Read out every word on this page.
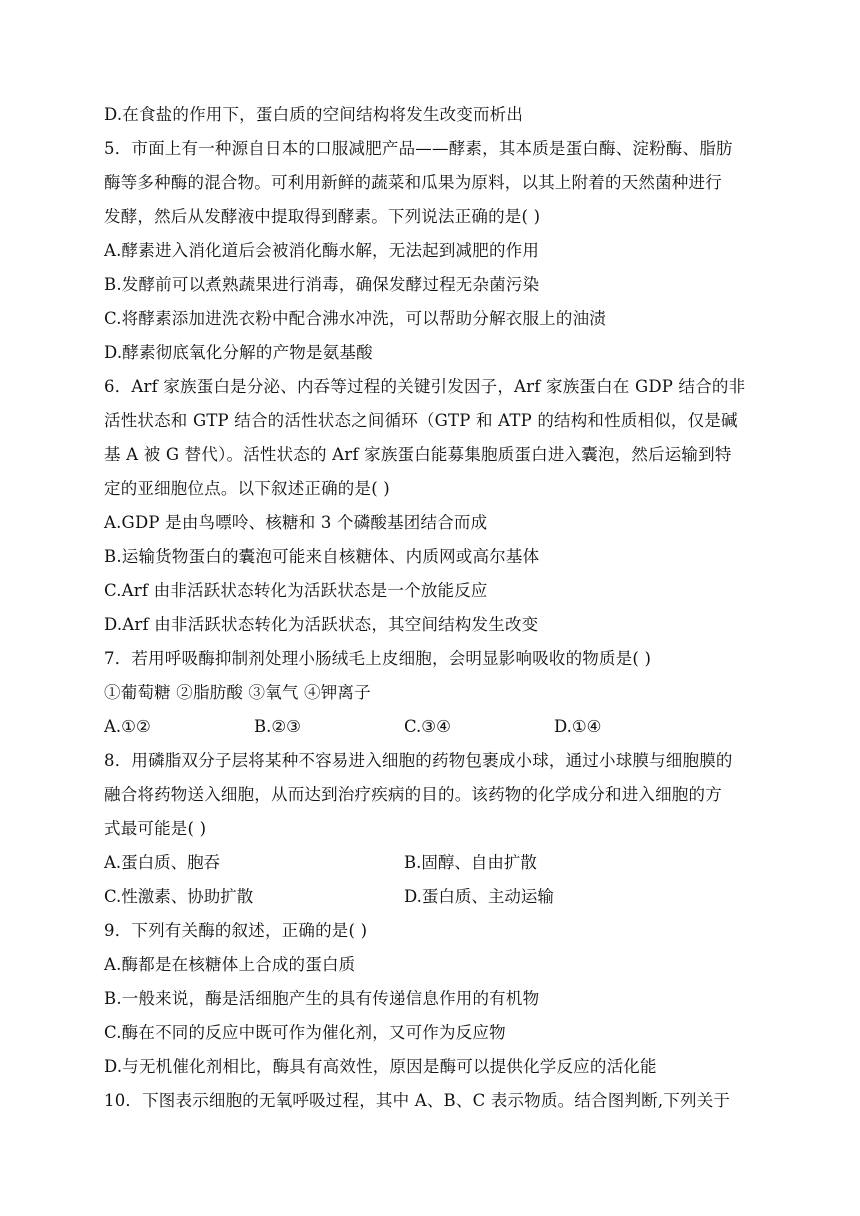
D.在食盐的作用下，蛋白质的空间结构将发生改变而析出
5．市面上有一种源自日本的口服减肥产品——酵素，其本质是蛋白酶、淀粉酶、脂肪
酶等多种酶的混合物。可利用新鲜的蔬菜和瓜果为原料，以其上附着的天然菌种进行
发酵，然后从发酵液中提取得到酵素。下列说法正确的是( )
A.酵素进入消化道后会被消化酶水解，无法起到减肥的作用
B.发酵前可以煮熟蔬果进行消毒，确保发酵过程无杂菌污染
C.将酵素添加进洗衣粉中配合沸水冲洗，可以帮助分解衣服上的油渍
D.酵素彻底氧化分解的产物是氨基酸
6．Arf 家族蛋白是分泌、内吞等过程的关键引发因子，Arf 家族蛋白在 GDP 结合的非
活性状态和 GTP 结合的活性状态之间循环（GTP 和 ATP 的结构和性质相似，仅是碱
基 A 被 G 替代）。活性状态的 Arf 家族蛋白能募集胞质蛋白进入囊泡，然后运输到特
定的亚细胞位点。以下叙述正确的是( )
A.GDP 是由鸟嘌呤、核糖和 3 个磷酸基团结合而成
B.运输货物蛋白的囊泡可能来自核糖体、内质网或高尔基体
C.Arf 由非活跃状态转化为活跃状态是一个放能反应
D.Arf 由非活跃状态转化为活跃状态，其空间结构发生改变
7．若用呼吸酶抑制剂处理小肠绒毛上皮细胞，会明显影响吸收的物质是( )
①葡萄糖 ②脂肪酸 ③氧气 ④钾离子
A.①②	B.②③	C.③④	D.①④
8．用磷脂双分子层将某种不容易进入细胞的药物包裹成小球，通过小球膜与细胞膜的
融合将药物送入细胞，从而达到治疗疾病的目的。该药物的化学成分和进入细胞的方
式最可能是( )
A.蛋白质、胞吞	B.固醇、自由扩散
C.性激素、协助扩散	D.蛋白质、主动运输
9．下列有关酶的叙述，正确的是( )
A.酶都是在核糖体上合成的蛋白质
B.一般来说，酶是活细胞产生的具有传递信息作用的有机物
C.酶在不同的反应中既可作为催化剂，又可作为反应物
D.与无机催化剂相比，酶具有高效性，原因是酶可以提供化学反应的活化能
10．下图表示细胞的无氧呼吸过程，其中 A、B、C 表示物质。结合图判断,下列关于
